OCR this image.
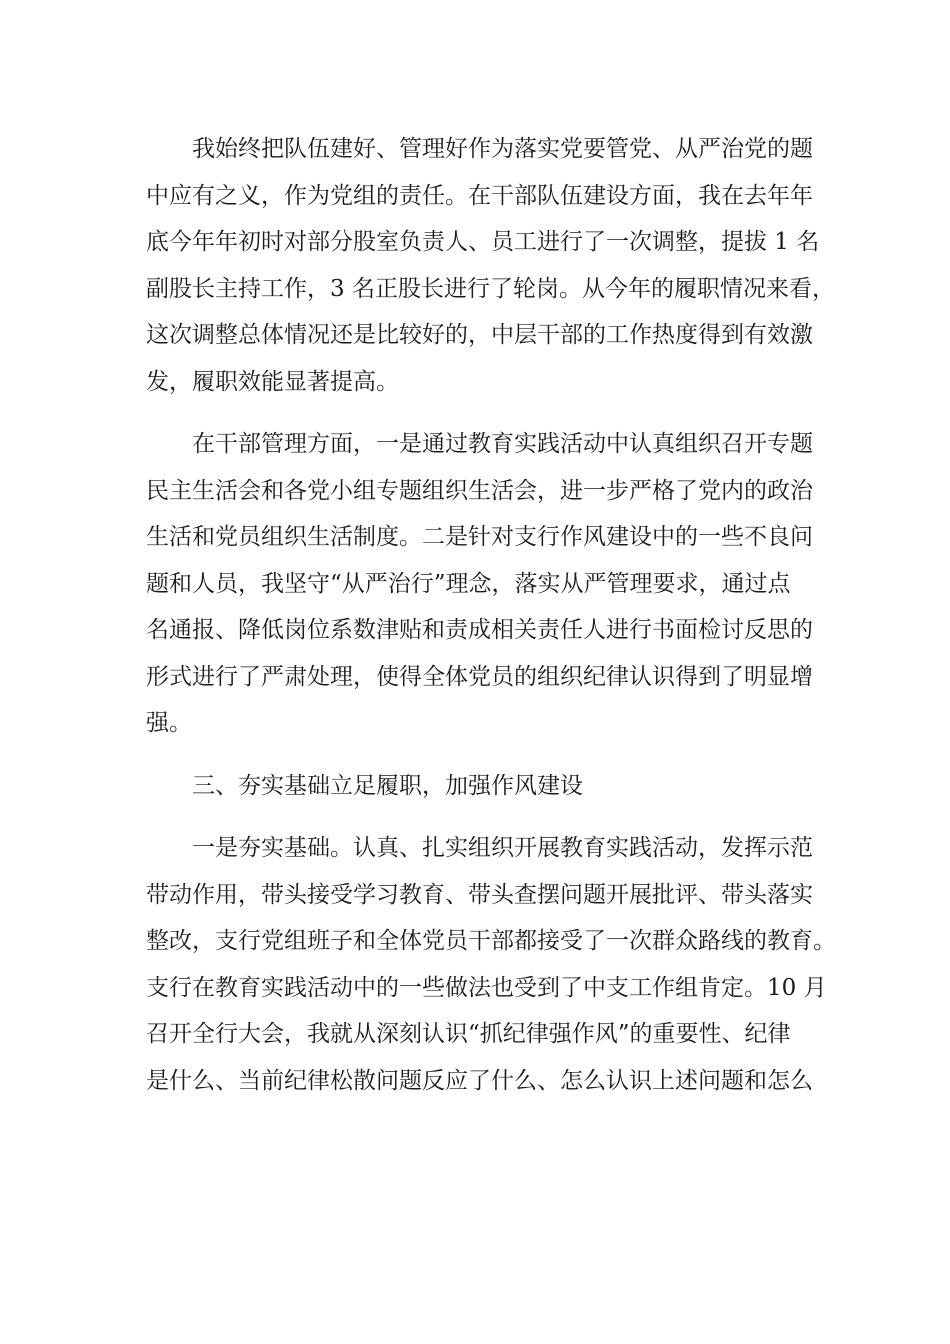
我始终把队伍建好、管理好作为落实党要管党、从严治党的题
中应有之义，作为党组的责任。在干部队伍建设方面，我在去年年
底今年年初时对部分股室负责人、员工进行了一次调整，提拔 1 名
副股长主持工作，3 名正股长进行了轮岗。从今年的履职情况来看，
这次调整总体情况还是比较好的，中层干部的工作热度得到有效激
发，履职效能显著提高。

在干部管理方面，一是通过教育实践活动中认真组织召开专题
民主生活会和各党小组专题组织生活会，进一步严格了党内的政治
生活和党员组织生活制度。二是针对支行作风建设中的一些不良问
题和人员，我坚守“从严治行”理念，落实从严管理要求，通过点
名通报、降低岗位系数津贴和责成相关责任人进行书面检讨反思的
形式进行了严肃处理，使得全体党员的组织纪律认识得到了明显增
强。

三、夯实基础立足履职，加强作风建设

一是夯实基础。认真、扎实组织开展教育实践活动，发挥示范
带动作用，带头接受学习教育、带头查摆问题开展批评、带头落实
整改，支行党组班子和全体党员干部都接受了一次群众路线的教育。
支行在教育实践活动中的一些做法也受到了中支工作组肯定。10 月
召开全行大会，我就从深刻认识“抓纪律强作风”的重要性、纪律
是什么、当前纪律松散问题反应了什么、怎么认识上述问题和怎么
